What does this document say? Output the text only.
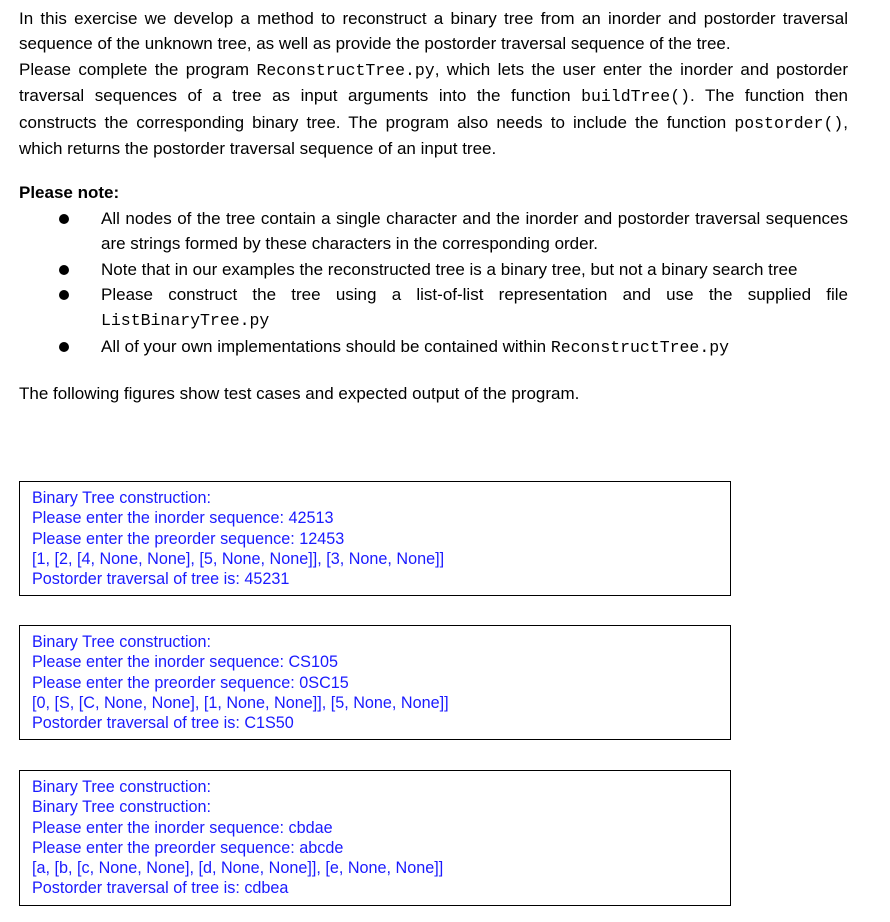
In this exercise we develop a method to reconstruct a binary tree from an inorder and postorder traversal sequence of the unknown tree, as well as provide the postorder traversal sequence of the tree.

Please complete the program ReconstructTree.py, which lets the user enter the inorder and postorder traversal sequences of a tree as input arguments into the function buildTree(). The function then constructs the corresponding binary tree. The program also needs to include the function postorder(), which returns the postorder traversal sequence of an input tree.

Please note:

All nodes of the tree contain a single character and the inorder and postorder traversal sequences are strings formed by these characters in the corresponding order.
Note that in our examples the reconstructed tree is a binary tree, but not a binary search tree
Please construct the tree using a list-of-list representation and use the supplied file ListBinaryTree.py
All of your own implementations should be contained within ReconstructTree.py

The following figures show test cases and expected output of the program.

Binary Tree construction:
Please enter the inorder sequence: 42513
Please enter the preorder sequence: 12453
[1, [2, [4, None, None], [5, None, None]], [3, None, None]]
Postorder traversal of tree is: 45231
Binary Tree construction:
Please enter the inorder sequence: CS105
Please enter the preorder sequence: 0SC15
[0, [S, [C, None, None], [1, None, None]], [5, None, None]]
Postorder traversal of tree is: C1S50
Binary Tree construction:
Binary Tree construction:
Please enter the inorder sequence: cbdae
Please enter the preorder sequence: abcde
[a, [b, [c, None, None], [d, None, None]], [e, None, None]]
Postorder traversal of tree is: cdbea
